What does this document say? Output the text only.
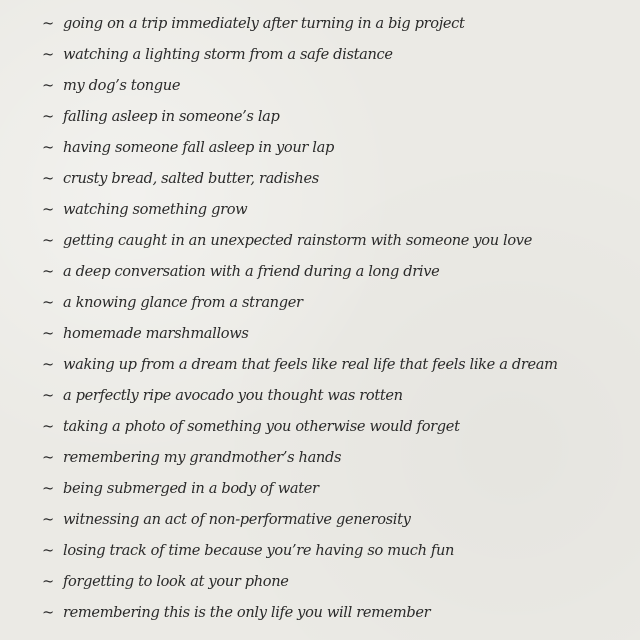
~ going on a trip immediately after turning in a big project
~ watching a lighting storm from a safe distance
~ my dog’s tongue
~ falling asleep in someone’s lap
~ having someone fall asleep in your lap
~ crusty bread, salted butter, radishes
~ watching something grow
~ getting caught in an unexpected rainstorm with someone you love
~ a deep conversation with a friend during a long drive
~ a knowing glance from a stranger
~ homemade marshmallows
~ waking up from a dream that feels like real life that feels like a dream
~ a perfectly ripe avocado you thought was rotten
~ taking a photo of something you otherwise would forget
~ remembering my grandmother’s hands
~ being submerged in a body of water
~ witnessing an act of non-performative generosity
~ losing track of time because you’re having so much fun
~ forgetting to look at your phone
~ remembering this is the only life you will remember
